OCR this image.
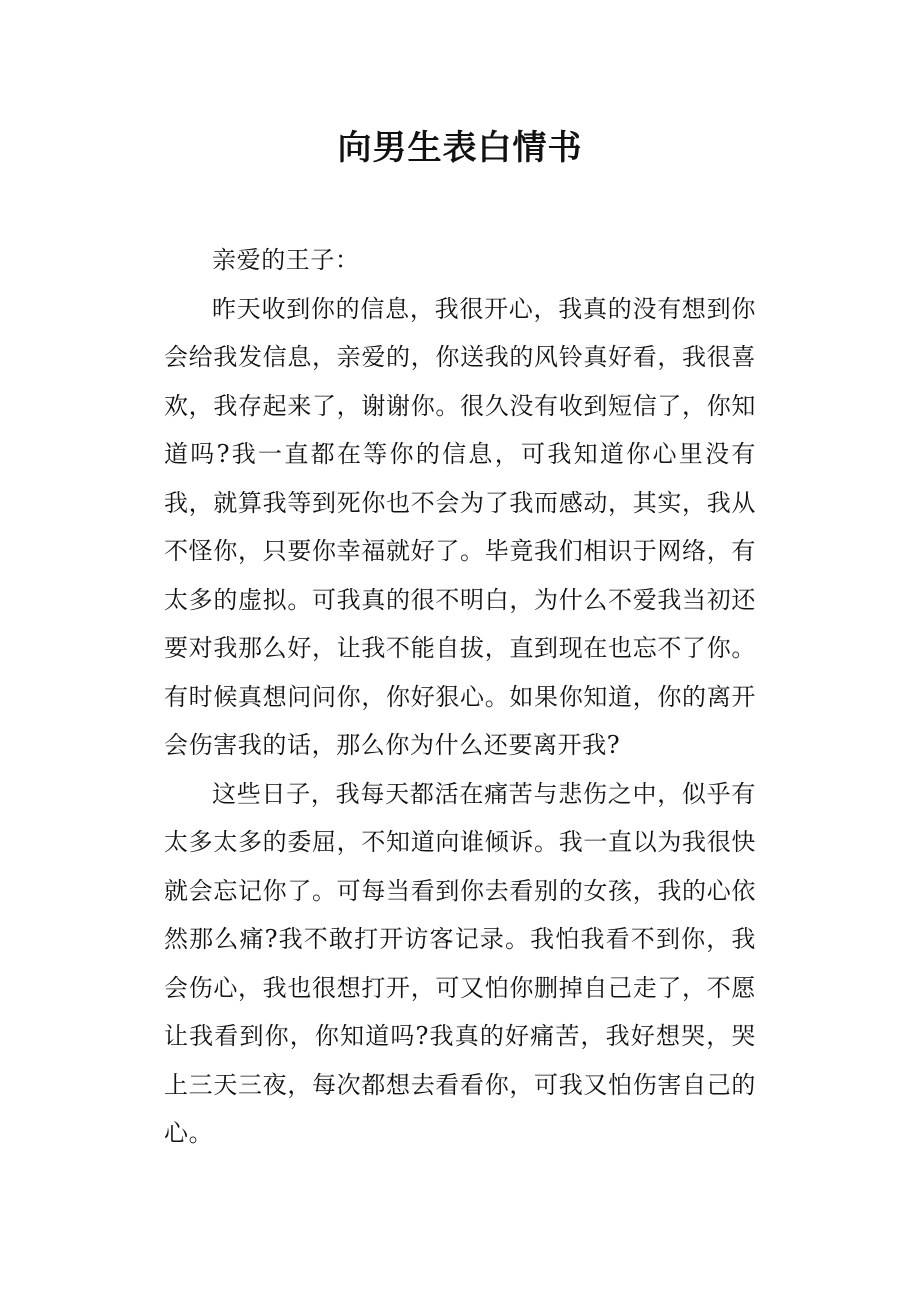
向男生表白情书

亲爱的王子：

昨天收到你的信息，我很开心，我真的没有想到你会给我发信息，亲爱的，你送我的风铃真好看，我很喜欢，我存起来了，谢谢你。很久没有收到短信了，你知道吗?我一直都在等你的信息，可我知道你心里没有我，就算我等到死你也不会为了我而感动，其实，我从不怪你，只要你幸福就好了。毕竟我们相识于网络，有太多的虚拟。可我真的很不明白，为什么不爱我当初还要对我那么好，让我不能自拔，直到现在也忘不了你。有时候真想问问你，你好狠心。如果你知道，你的离开会伤害我的话，那么你为什么还要离开我?

这些日子，我每天都活在痛苦与悲伤之中，似乎有太多太多的委屈，不知道向谁倾诉。我一直以为我很快就会忘记你了。可每当看到你去看别的女孩，我的心依然那么痛?我不敢打开访客记录。我怕我看不到你，我会伤心，我也很想打开，可又怕你删掉自己走了，不愿让我看到你，你知道吗?我真的好痛苦，我好想哭，哭上三天三夜，每次都想去看看你，可我又怕伤害自己的心。
